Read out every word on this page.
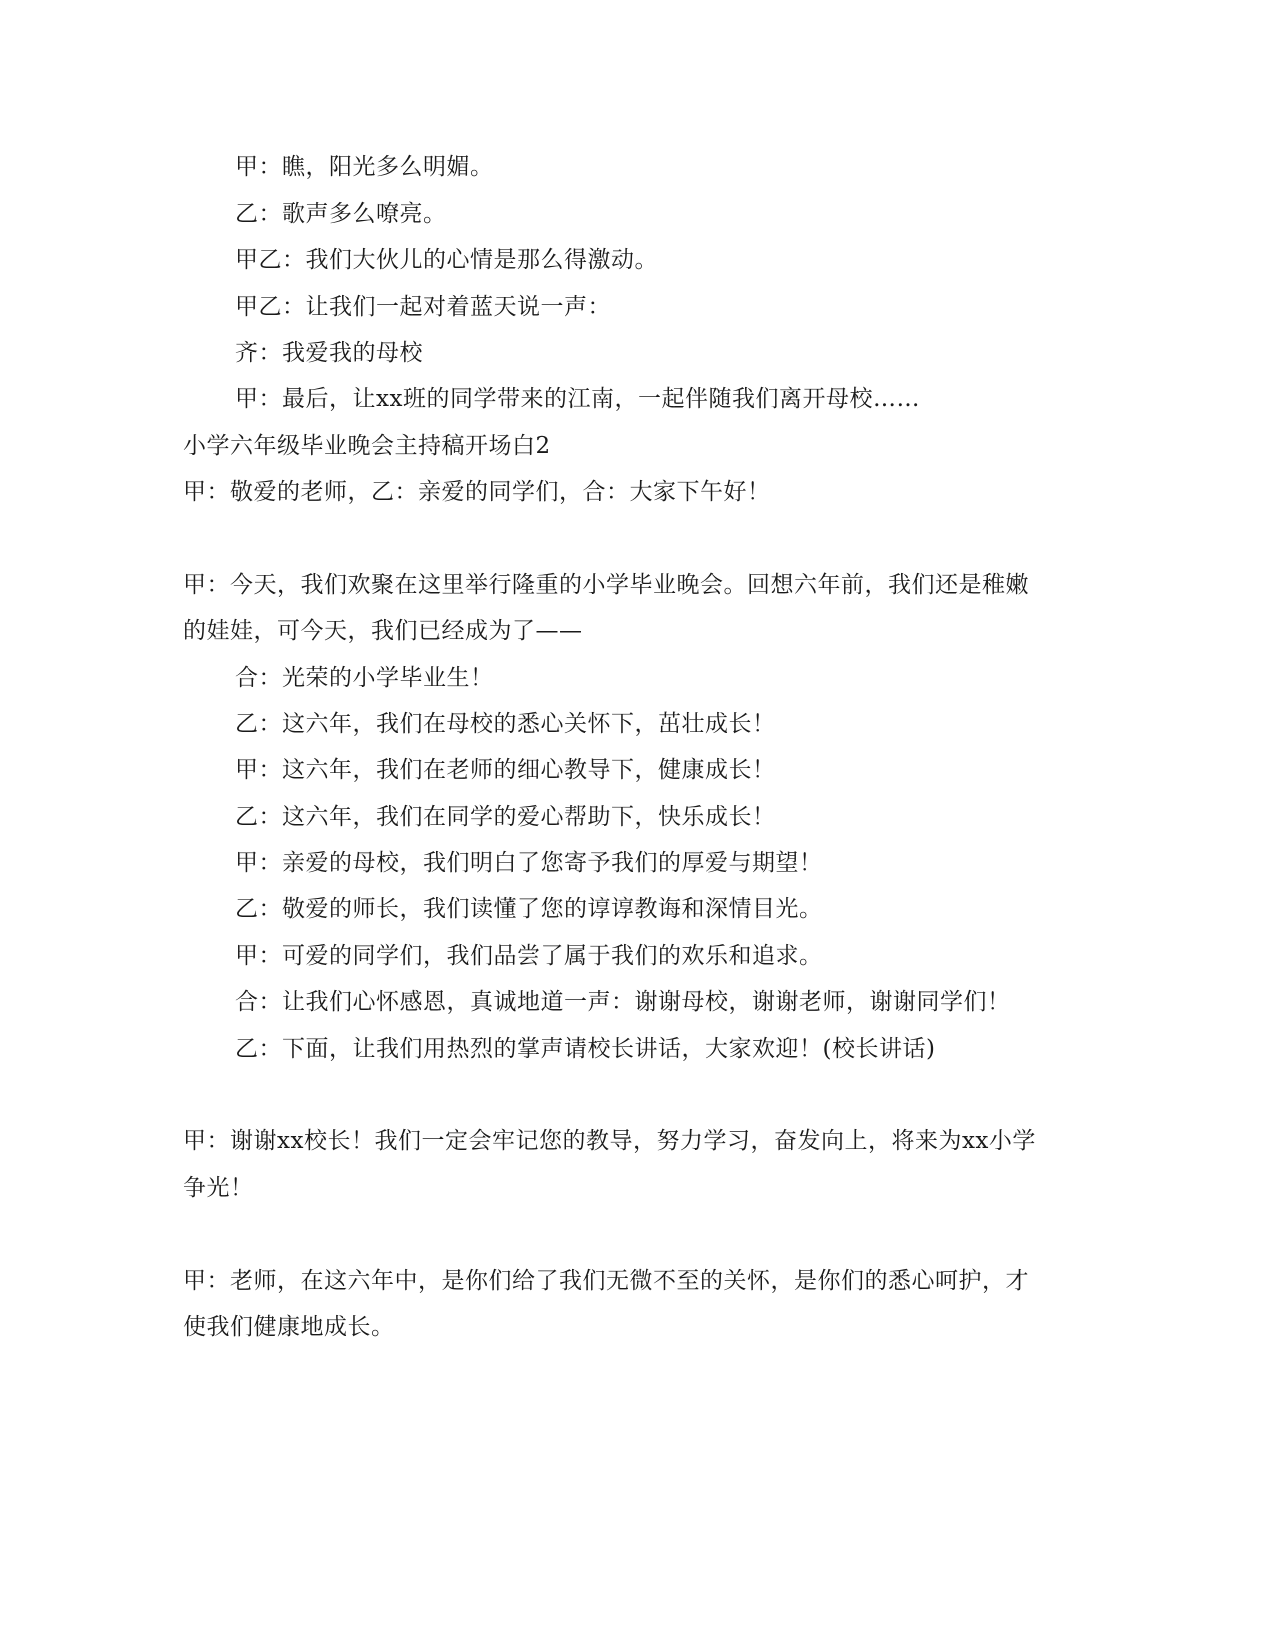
甲：瞧，阳光多么明媚。
乙：歌声多么嘹亮。
甲乙：我们大伙儿的心情是那么得激动。
甲乙：让我们一起对着蓝天说一声：
齐：我爱我的母校
甲：最后，让xx班的同学带来的江南，一起伴随我们离开母校……
小学六年级毕业晚会主持稿开场白2
甲：敬爱的老师，乙：亲爱的同学们，合：大家下午好！
甲：今天，我们欢聚在这里举行隆重的小学毕业晚会。回想六年前，我们还是稚嫩
的娃娃，可今天，我们已经成为了——
合：光荣的小学毕业生！
乙：这六年，我们在母校的悉心关怀下，茁壮成长！
甲：这六年，我们在老师的细心教导下，健康成长！
乙：这六年，我们在同学的爱心帮助下，快乐成长！
甲：亲爱的母校，我们明白了您寄予我们的厚爱与期望！
乙：敬爱的师长，我们读懂了您的谆谆教诲和深情目光。
甲：可爱的同学们，我们品尝了属于我们的欢乐和追求。
合：让我们心怀感恩，真诚地道一声：谢谢母校，谢谢老师，谢谢同学们！
乙：下面，让我们用热烈的掌声请校长讲话，大家欢迎！(校长讲话)
甲：谢谢xx校长！我们一定会牢记您的教导，努力学习，奋发向上，将来为xx小学
争光！
甲：老师，在这六年中，是你们给了我们无微不至的关怀，是你们的悉心呵护，才
使我们健康地成长。
